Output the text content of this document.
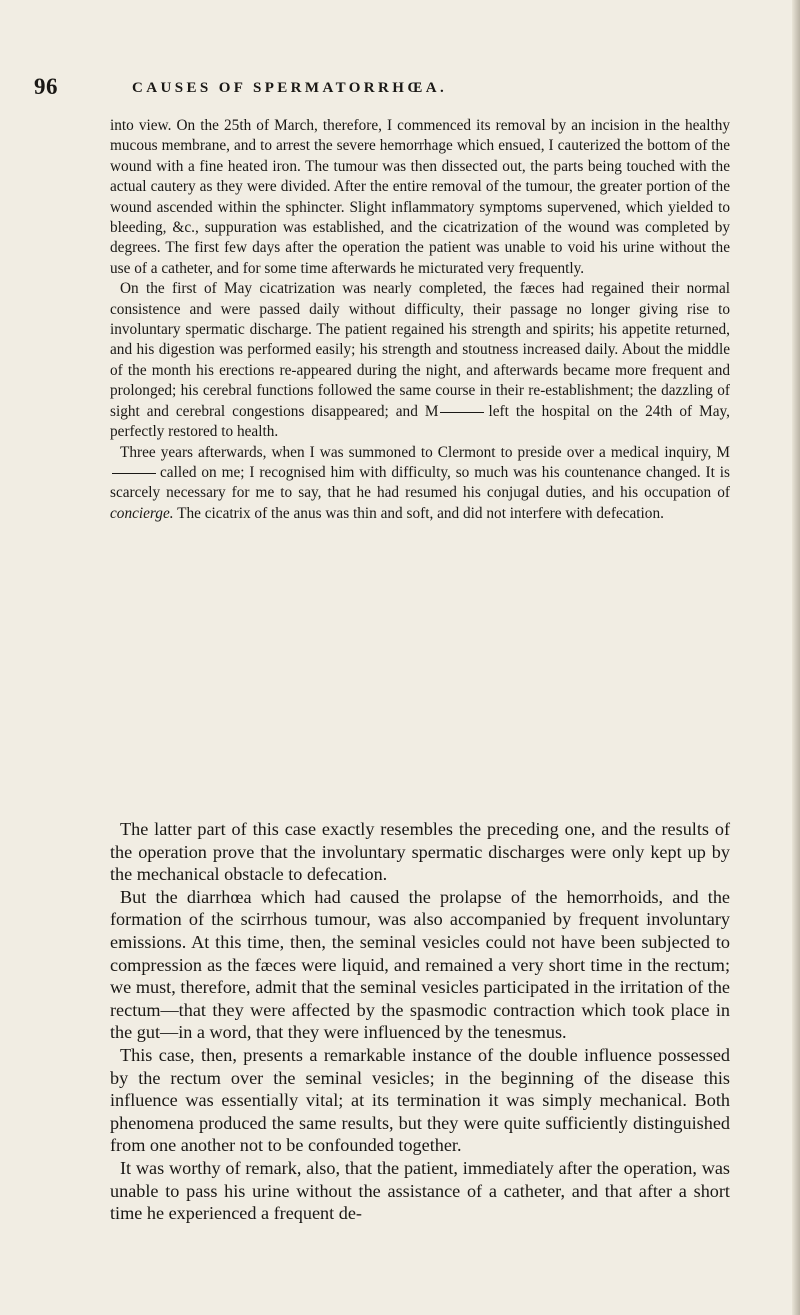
96	CAUSES OF SPERMATORRHŒA.

into view. On the 25th of March, therefore, I commenced its removal by an incision in the healthy mucous membrane, and to arrest the severe hemorrhage which ensued, I cauterized the bottom of the wound with a fine heated iron. The tumour was then dissected out, the parts being touched with the actual cautery as they were divided. After the entire removal of the tumour, the greater portion of the wound ascended within the sphincter. Slight inflammatory symptoms supervened, which yielded to bleeding, &c., suppuration was established, and the cicatrization of the wound was completed by degrees. The first few days after the operation the patient was unable to void his urine without the use of a catheter, and for some time afterwards he micturated very frequently.

On the first of May cicatrization was nearly completed, the fæces had regained their normal consistence and were passed daily without difficulty, their passage no longer giving rise to involuntary spermatic discharge. The patient regained his strength and spirits; his appetite returned, and his digestion was performed easily; his strength and stoutness increased daily. About the middle of the month his erections re-appeared during the night, and afterwards became more frequent and prolonged; his cerebral functions followed the same course in their re-establishment; the dazzling of sight and cerebral congestions disappeared; and M	left the hospital on the 24th of May, perfectly restored to health.

Three years afterwards, when I was summoned to Clermont to preside over a medical inquiry, Mcalled on me; I recognised him with difficulty, so much was his countenance changed. It is scarcely necessary for me to say, that he had resumed his conjugal duties, and his occupation of concierge. The cicatrix of the anus was thin and soft, and did not interfere with defecation.

The latter part of this case exactly resembles the preceding one, and the results of the operation prove that the involuntary spermatic discharges were only kept up by the mechanical obstacle to defecation.

But the diarrhœa which had caused the prolapse of the hemorrhoids, and the formation of the scirrhous tumour, was also accompanied by frequent involuntary emissions. At this time, then, the seminal vesicles could not have been subjected to compression as the fæces were liquid, and remained a very short time in the rectum; we must, therefore, admit that the seminal vesicles participated in the irritation of the rectum—that they were affected by the spasmodic contraction which took place in the gut—in a word, that they were influenced by the tenesmus.

This case, then, presents a remarkable instance of the double influence possessed by the rectum over the seminal vesicles; in the beginning of the disease this influence was essentially vital; at its termination it was simply mechanical. Both phenomena produced the same results, but they were quite sufficiently distinguished from one another not to be confounded together.

It was worthy of remark, also, that the patient, immediately after the operation, was unable to pass his urine without the assistance of a catheter, and that after a short time he experienced a frequent de-
